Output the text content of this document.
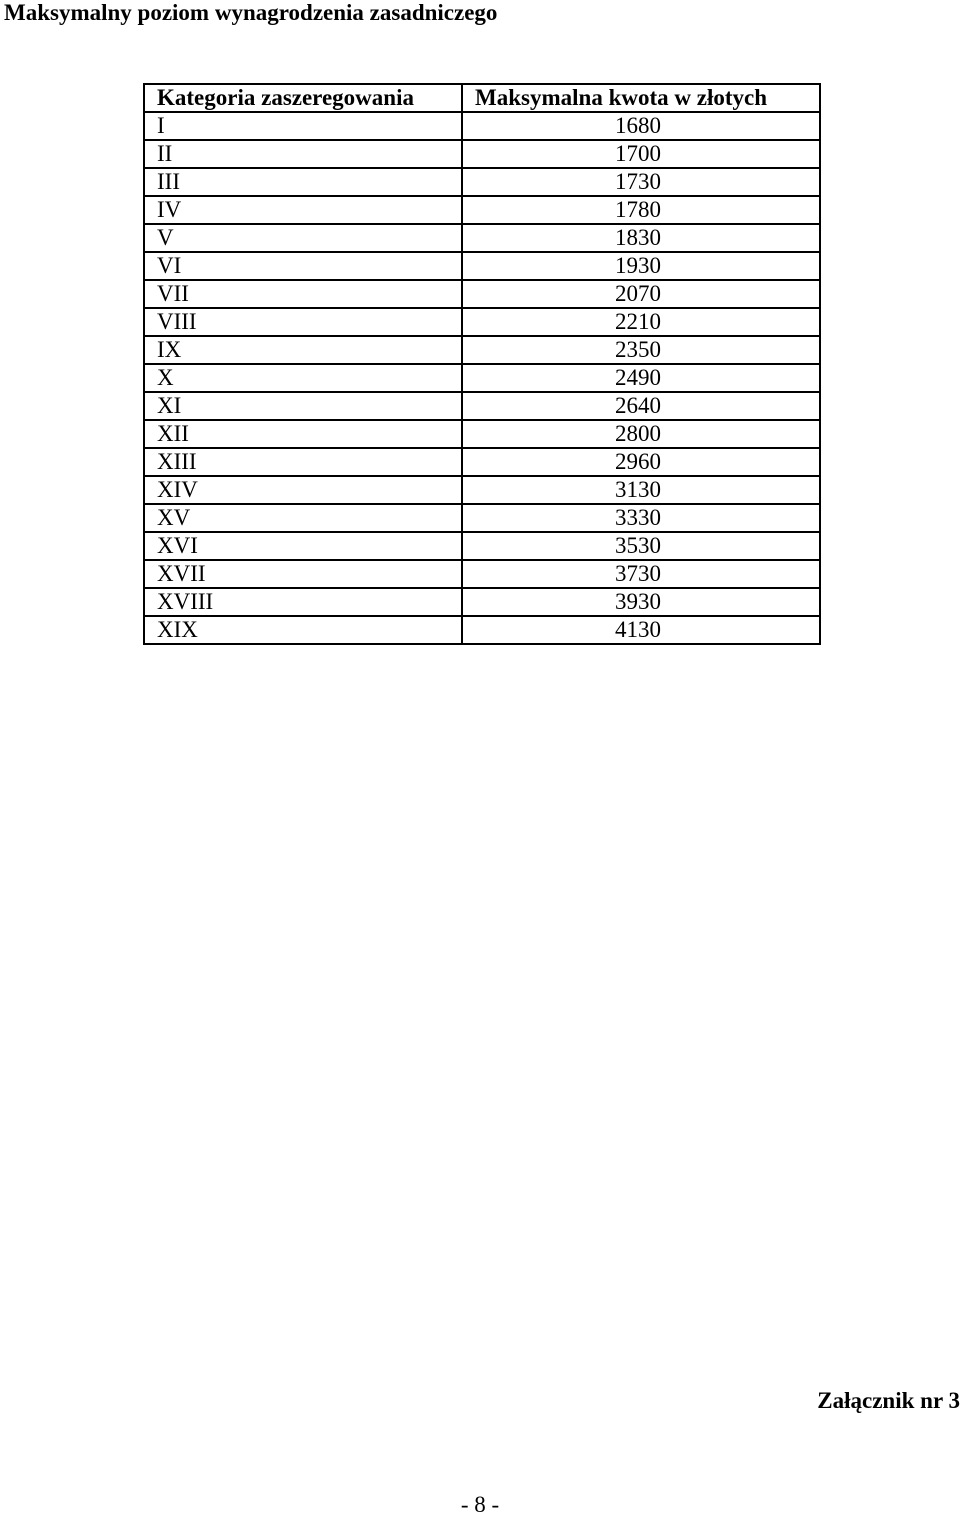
Maksymalny poziom wynagrodzenia zasadniczego
Kategoria zaszeregowania	Maksymalna kwota w złotych
I	1680
II	1700
III	1730
IV	1780
V	1830
VI	1930
VII	2070
VIII	2210
IX	2350
X	2490
XI	2640
XII	2800
XIII	2960
XIV	3130
XV	3330
XVI	3530
XVII	3730
XVIII	3930
XIX	4130
Załącznik nr 3
- 8 -
